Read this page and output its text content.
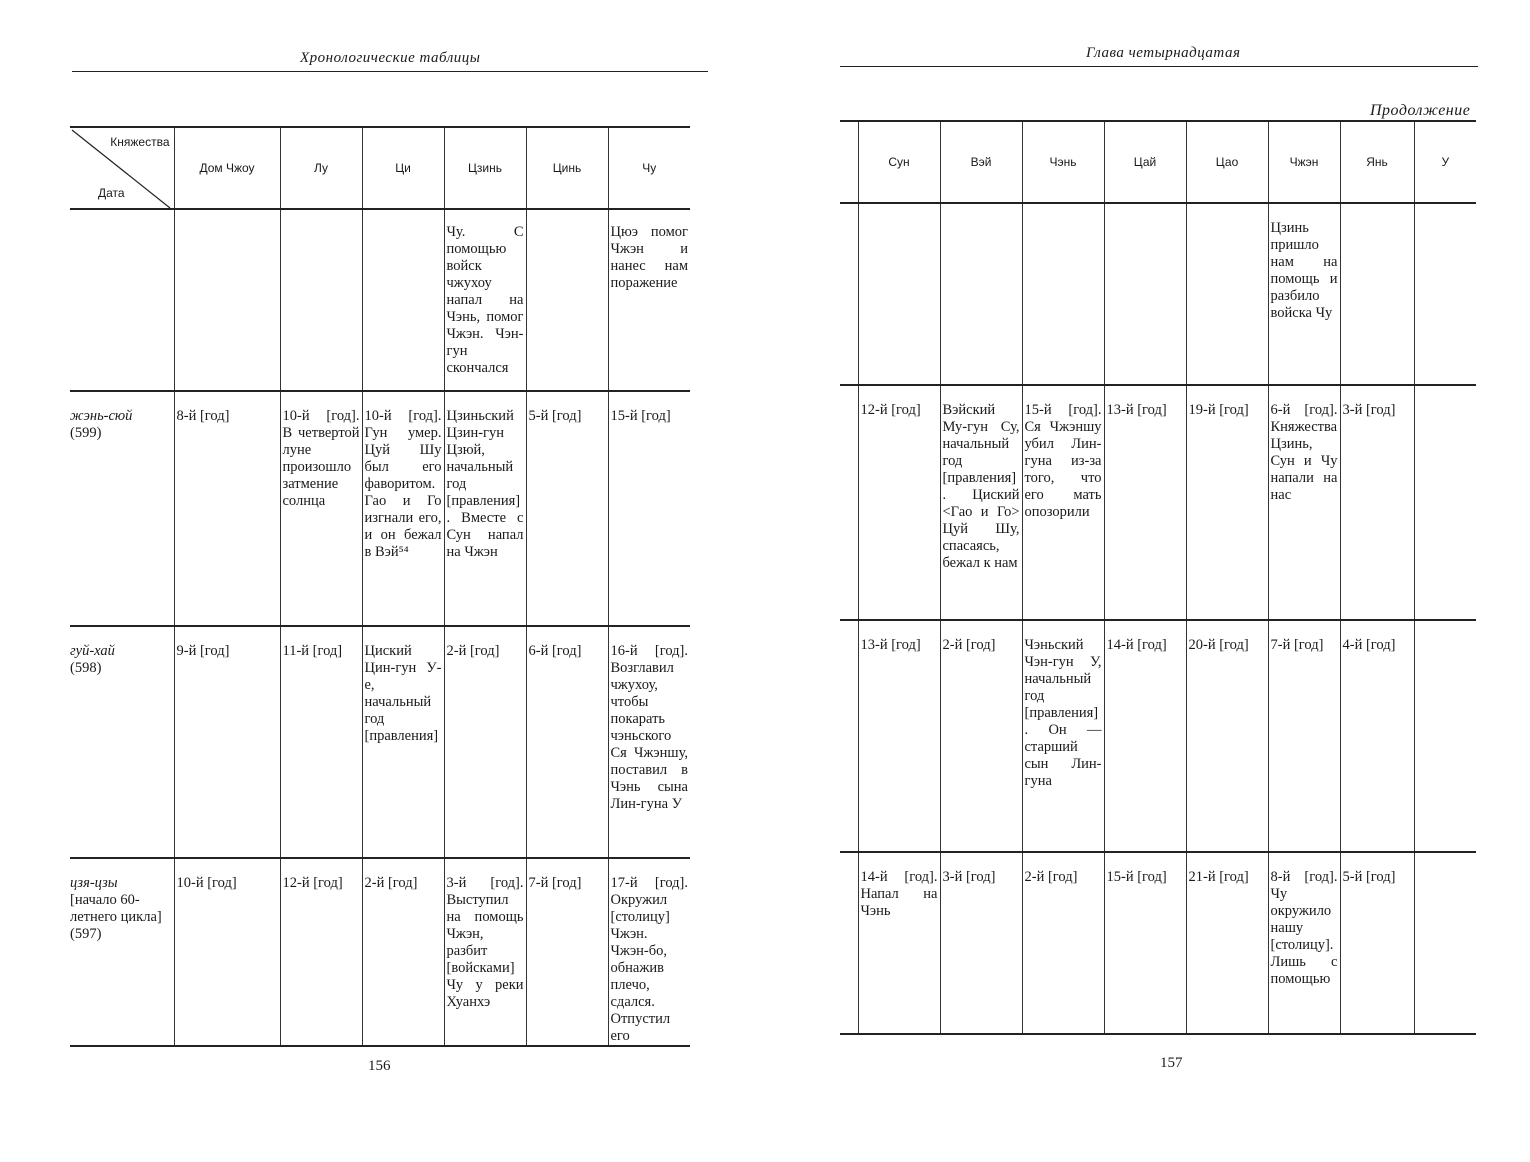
Хронологические таблицы
Княжества
Дата	Дом Чжоу	Лу	Ци	Цзинь	Цинь	Чу

				Чу. С помощью войск чжухоу напал на Чэнь, помог Чжэн. Чэн-гун скончался		Цюэ помог Чжэн и нанес нам поражение

жэнь-сюй
(599)	8-й [год]	10-й [год]. В четвертой луне произошло затмение солнца	10-й [год]. Гун умер. Цуй Шу был его фаворитом. Гао и Го изгнали его, и он бежал в Вэй⁵⁴	Цзиньский Цзин-гун Цзюй, начальный год [правления]. Вместе с Сун напал на Чжэн	5-й [год]	15-й [год]

гуй-хай
(598)	9-й [год]	11-й [год]	Циский Цин-гун У-е, начальный год [правления]	2-й [год]	6-й [год]	16-й [год]. Возглавил чжухоу, чтобы покарать чэньского Ся Чжэншу, поставил в Чэнь сына Лин-гуна У

цзя-цзы
[начало 60-летнего цикла] (597)	10-й [год]	12-й [год]	2-й [год]	3-й [год]. Выступил на помощь Чжэн, разбит [войсками] Чу у реки Хуанхэ	7-й [год]	17-й [год]. Окружил [столицу] Чжэн. Чжэн-бо, обнажив плечо, сдался. Отпустил его
156
Глава четырнадцатая
Продолжение
	Сун	Вэй	Чэнь	Цай	Цао	Чжэн	Янь	У

						Цзинь пришло нам на помощь и разбило войска Чу		

	12-й [год]	Вэйский Му-гун Су, начальный год [правления]. Циский <Гао и Го> Цуй Шу, спасаясь, бежал к нам	15-й [год]. Ся Чжэншу убил Лин-гуна из-за того, что его мать опозорили	13-й [год]	19-й [год]	6-й [год]. Княжества Цзинь, Сун и Чу напали на нас	3-й [год]	

	13-й [год]	2-й [год]	Чэньский Чэн-гун У, начальный год [правления]. Он — старший сын Лин-гуна	14-й [год]	20-й [год]	7-й [год]	4-й [год]	

	14-й [год]. Напал на Чэнь	3-й [год]	2-й [год]	15-й [год]	21-й [год]	8-й [год]. Чу окружило нашу [столицу]. Лишь с помощью	5-й [год]	

157
